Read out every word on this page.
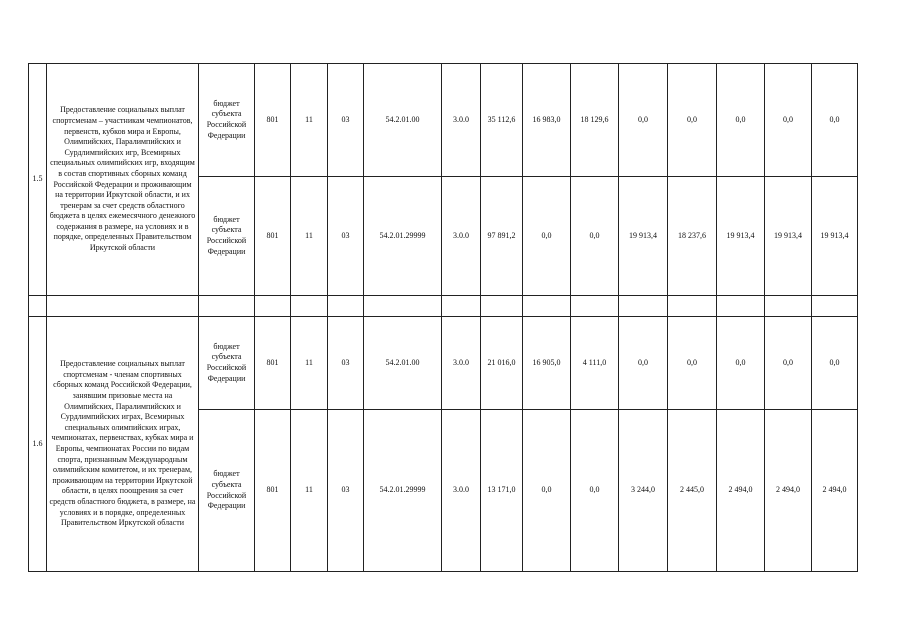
1.5	Предоставление социальных выплат спортсменам – участникам чемпионатов, первенств, кубков мира и Европы, Олимпийских, Паралимпийских и Сурдлимпийских игр, Всемирных специальных олимпийских игр, входящим в состав спортивных сборных команд Российской Федерации и проживающим на территории Иркутской области, и их тренерам за счет средств областного бюджета в целях ежемесячного денежного содержания в размере, на условиях и в порядке, определенных Правительством Иркутской области	бюджет субъекта Российской Федерации	801	11	03	54.2.01.00	3.0.0	35 112,6	16 983,0	18 129,6	0,0	0,0	0,0	0,0	0,0
		бюджет субъекта Российской Федерации	801	11	03	54.2.01.29999	3.0.0	97 891,2	0,0	0,0	19 913,4	18 237,6	19 913,4	19 913,4	19 913,4

1.6	Предоставление социальных выплат спортсменам - членам спортивных сборных команд Российской Федерации, занявшим призовые места на Олимпийских, Паралимпийских и Сурдлимпийских играх, Всемирных специальных олимпийских играх, чемпионатах, первенствах, кубках мира и Европы, чемпионатах России по видам спорта, признанным Международным олимпийским комитетом, и их тренерам, проживающим на территории Иркутской области, в целях поощрения за счет средств областного бюджета, в размере, на условиях и в порядке, определенных Правительством Иркутской области	бюджет субъекта Российской Федерации	801	11	03	54.2.01.00	3.0.0	21 016,0	16 905,0	4 111,0	0,0	0,0	0,0	0,0	0,0
		бюджет субъекта Российской Федерации	801	11	03	54.2.01.29999	3.0.0	13 171,0	0,0	0,0	3 244,0	2 445,0	2 494,0	2 494,0	2 494,0
